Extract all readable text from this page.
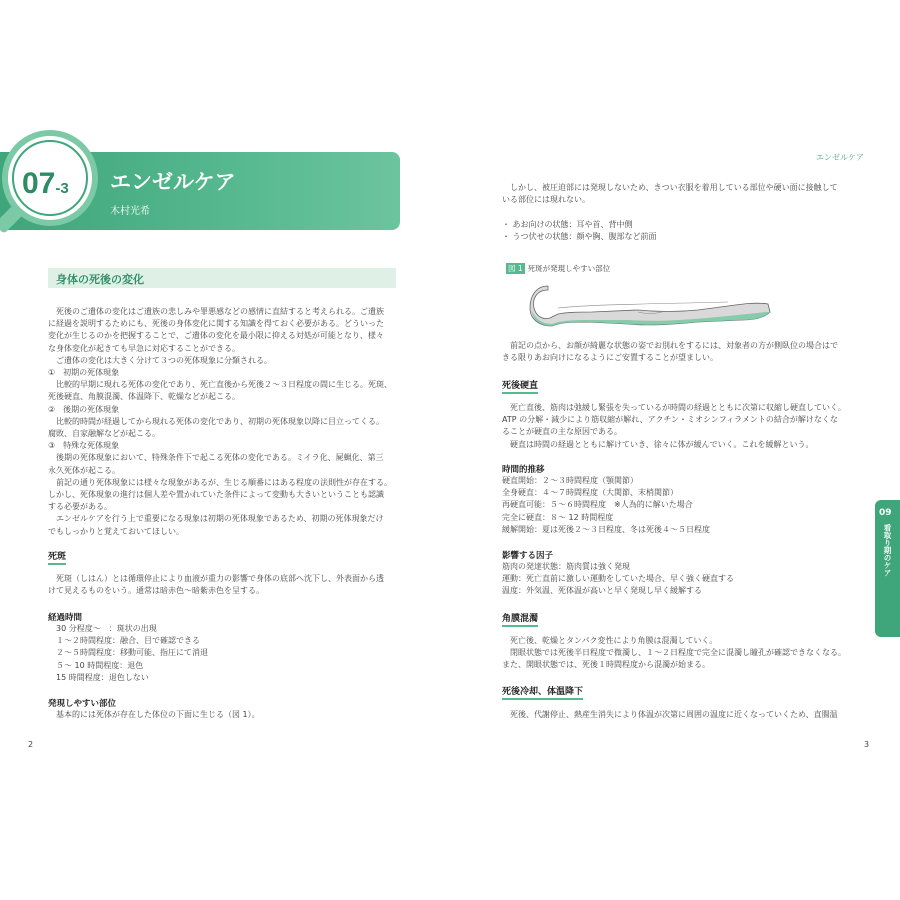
07-3 エンゼルケア
木村光希
エンゼルケア
身体の死後の変化
　死後のご遺体の変化はご遺族の悲しみや罪悪感などの感情に直結すると考えられる。ご遺族
に経過を説明するためにも、死後の身体変化に関する知識を得ておく必要がある。どういった
変化が生じるのかを把握することで、ご遺体の変化を最小限に抑える対処が可能となり、様々
な身体変化が起きても早急に対応することができる。
　ご遺体の変化は大きく分けて３つの死体現象に分類される。
①　初期の死体現象
　比較的早期に現れる死体の変化であり、死亡直後から死後２～３日程度の間に生じる。死斑、
死後硬直、角膜混濁、体温降下、乾燥などが起こる。
②　後期の死体現象
　比較的時間が経過してから現れる死体の変化であり、初期の死体現象以降に目立ってくる。
腐敗、自家融解などが起こる。
③　特殊な死体現象
　後期の死体現象において、特殊条件下で起こる死体の変化である。ミイラ化、屍蝋化、第三
永久死体が起こる。
　前記の通り死体現象には様々な現象があるが、生じる順番にはある程度の法則性が存在する。
しかし、死体現象の進行は個人差や置かれていた条件によって変動も大きいということも認識
する必要がある。
　エンゼルケアを行う上で重要になる現象は初期の死体現象であるため、初期の死体現象だけ
でもしっかりと覚えておいてほしい。
死斑
　死斑（しはん）とは循環停止により血液が重力の影響で身体の底部へ沈下し、外表面から透
けて見えるものをいう。通常は暗赤色～暗紫赤色を呈する。
経過時間
　30 分程度～　：斑状の出現
　１～２時間程度：融合、目で確認できる
　２～５時間程度：移動可能、指圧にて消退
　５～ 10 時間程度：退色
　15 時間程度：退色しない
発現しやすい部位
　基本的には死体が存在した体位の下面に生じる（図 1）。
2
　しかし、被圧迫部には発現しないため、きつい衣服を着用している部位や硬い面に接触して
いる部位には現れない。
・ あお向けの状態：耳や首、背中側
・ うつ伏せの状態：顔や胸、腹部など前面
図 1 死斑が発現しやすい部位
　前記の点から、お顔が綺麗な状態の姿でお別れをするには、対象者の方が側臥位の場合はで
きる限りあお向けになるようにご安置することが望ましい。
死後硬直
　死亡直後、筋肉は弛緩し緊張を失っているが時間の経過とともに次第に収縮し硬直していく。
ATP の分解・減少により筋収縮が解れ、アクチン・ミオシンフィラメントの結合が解けなくな
ることが硬直の主な原因である。
　硬直は時間の経過とともに解けていき、徐々に体が緩んでいく。これを緩解という。
時間的推移
硬直開始：２～３時間程度（顎関節）
全身硬直：４～７時間程度（大関節、末梢関節）
再硬直可能：５～６時間程度　※人為的に解いた場合
完全に硬直：８～ 12 時間程度
緩解開始：夏は死後２～３日程度、冬は死後４～５日程度
影響する因子
筋肉の発達状態：筋肉質は強く発現
運動：死亡直前に激しい運動をしていた場合、早く強く硬直する
温度：外気温、死体温が高いと早く発現し早く緩解する
角膜混濁
　死亡後、乾燥とタンパク変性により角膜は混濁していく。
　閉眼状態では死後半日程度で微濁し、１～２日程度で完全に混濁し瞳孔が確認できなくなる。
また、開眼状態では、死後１時間程度から混濁が始まる。
死後冷却、体温降下
　死後、代謝停止、熱産生消失により体温が次第に周囲の温度に近くなっていくため、直腸温
3
09
看取り期のケア
